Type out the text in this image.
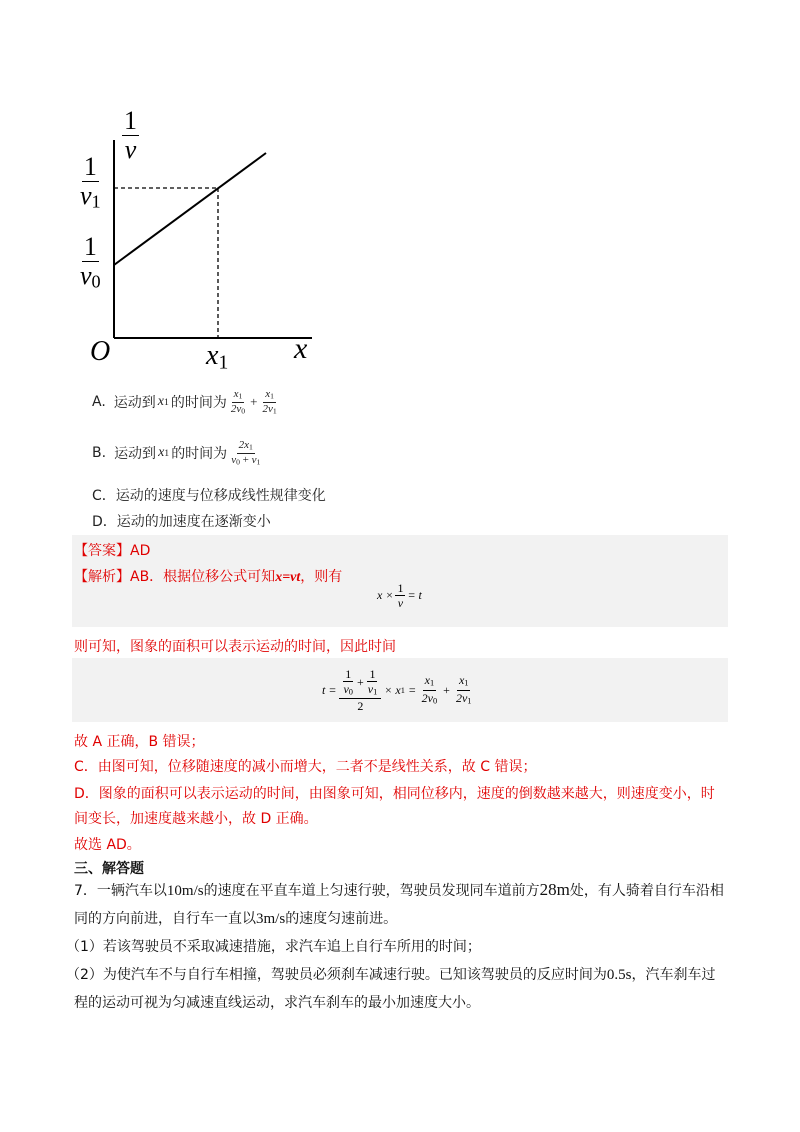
$\frac{1}{v}$
$\frac{1}{v1}$
$\frac{1}{v0}$
O	x1 x
A. 运动到 x 1 的时间为 $\frac{x1}{2v0} + \frac{x1}{2v1}$
B. 运动到 x 1 的时间为 $\frac{2x1}{v0 + v1}$
C．运动的速度与位移成线性规律变化
D．运动的加速度在逐渐变小
【答案】AD
【解析】AB．根据位移公式可知x=vt，则有
$x \times \frac{1}{v} = t$
则可知，图象的面积可以表示运动的时间，因此时间
$t = \frac{\frac{1}{v0} + \frac{1}{v1}}{2} \times x$ $1 = \frac{x1}{2v0} + \frac{x1}{2v1}$
故 A 正确，B 错误；
C．由图可知，位移随速度的减小而增大，二者不是线性关系，故 C 错误；
D．图象的面积可以表示运动的时间，由图象可知，相同位移内，速度的倒数越来越大，则速度变小，时
间变长，加速度越来越小，故 D 正确。
故选 AD。
三、解答题
7．一辆汽车以10m/s的速度在平直车道上匀速行驶，驾驶员发现同车道前方28m处，有人骑着自行车沿相
同的方向前进，自行车一直以3m/s的速度匀速前进。
（1）若该驾驶员不采取减速措施，求汽车追上自行车所用的时间；
（2）为使汽车不与自行车相撞，驾驶员必须刹车减速行驶。已知该驾驶员的反应时间为0.5s，汽车刹车过
程的运动可视为匀减速直线运动，求汽车刹车的最小加速度大小。
